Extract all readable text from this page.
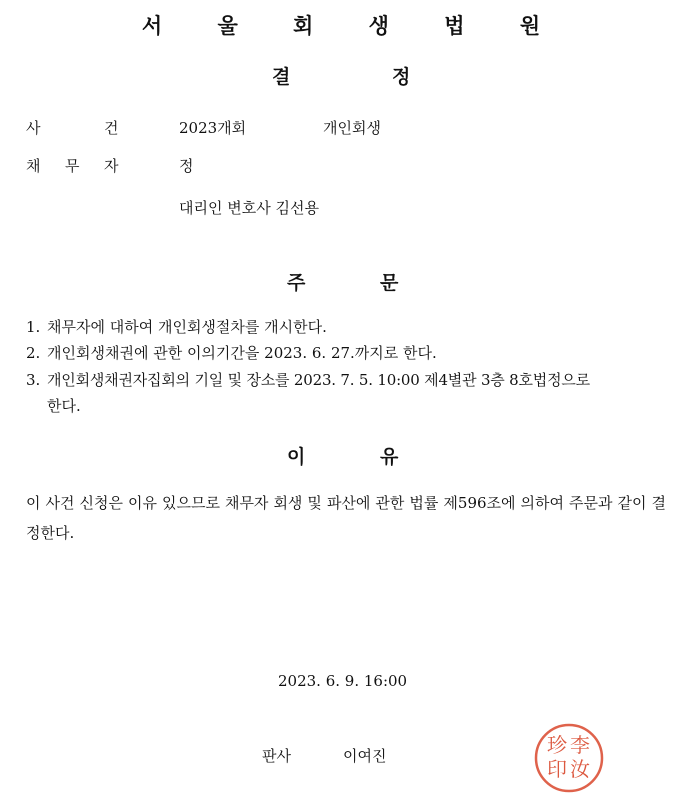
서 울 회 생 법 원
결	정
사	건	2023개회	개인회생
채 무 자	정
대리인 변호사 김선용
주	문
1. 채무자에 대하여 개인회생절차를 개시한다.
2. 개인회생채권에 관한 이의기간을 2023. 6. 27.까지로 한다.
3. 개인회생채권자집회의 기일 및 장소를 2023. 7. 5. 10:00 제4별관 3층 8호법정으로
한다.
이	유
이 사건 신청은 이유 있으므로 채무자 회생 및 파산에 관한 법률 제596조에 의하여 주문과 같이 결정한다.
2023. 6. 9. 16:00
판사	이여진	李
汝
珍
印
